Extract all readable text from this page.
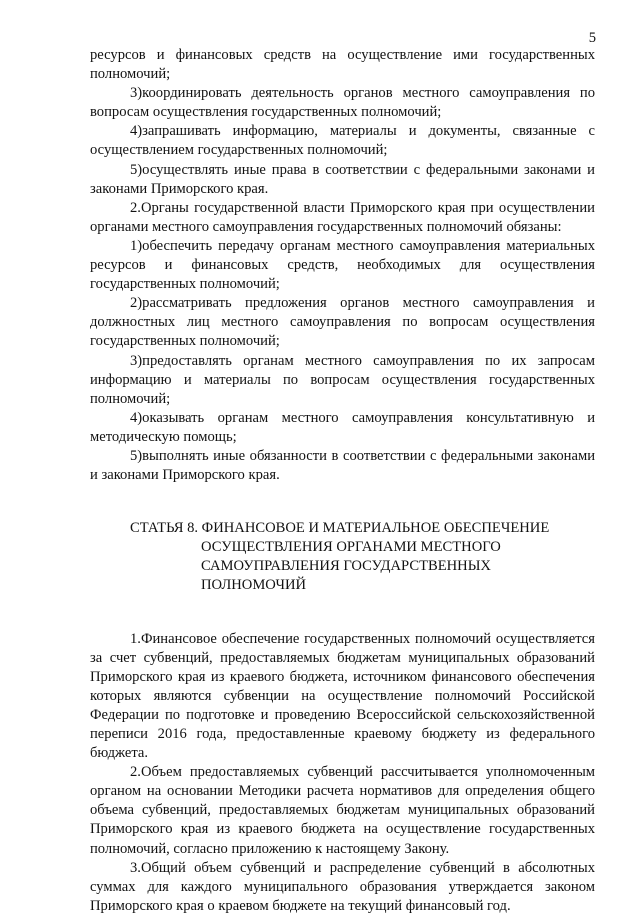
5

ресурсов и финансовых средств на осуществление ими государственных полномочий;

3)координировать деятельность органов местного самоуправления по вопросам осуществления государственных полномочий;

4)запрашивать информацию, материалы и документы, связанные с осуществлением государственных полномочий;

5)осуществлять иные права в соответствии с федеральными законами и законами Приморского края.

2.Органы государственной власти Приморского края при осуществлении органами местного самоуправления государственных полномочий обязаны:

1)обеспечить передачу органам местного самоуправления материальных ресурсов и финансовых средств, необходимых для осуществления государственных полномочий;

2)рассматривать предложения органов местного самоуправления и должностных лиц местного самоуправления по вопросам осуществления государственных полномочий;

3)предоставлять органам местного самоуправления по их запросам информацию и материалы по вопросам осуществления государственных полномочий;

4)оказывать органам местного самоуправления консультативную и методическую помощь;

5)выполнять иные обязанности в соответствии с федеральными законами и законами Приморского края.

СТАТЬЯ 8. ФИНАНСОВОЕ И МАТЕРИАЛЬНОЕ ОБЕСПЕЧЕНИЕ
ОСУЩЕСТВЛЕНИЯ ОРГАНАМИ МЕСТНОГО
САМОУПРАВЛЕНИЯ ГОСУДАРСТВЕННЫХ
ПОЛНОМОЧИЙ

1.Финансовое обеспечение государственных полномочий осуществляется за счет субвенций, предоставляемых бюджетам муниципальных образований Приморского края из краевого бюджета, источником финансового обеспечения которых являются субвенции на осуществление полномочий Российской Федерации по подготовке и проведению Всероссийской сельскохозяйственной переписи 2016 года, предоставленные краевому бюджету из федерального бюджета.

2.Объем предоставляемых субвенций рассчитывается уполномоченным органом на основании Методики расчета нормативов для определения общего объема субвенций, предоставляемых бюджетам муниципальных образований Приморского края из краевого бюджета на осуществление государственных полномочий, согласно приложению к настоящему Закону.

3.Общий объем субвенций и распределение субвенций в абсолютных суммах для каждого муниципального образования утверждается законом Приморского края о краевом бюджете на текущий финансовый год.
